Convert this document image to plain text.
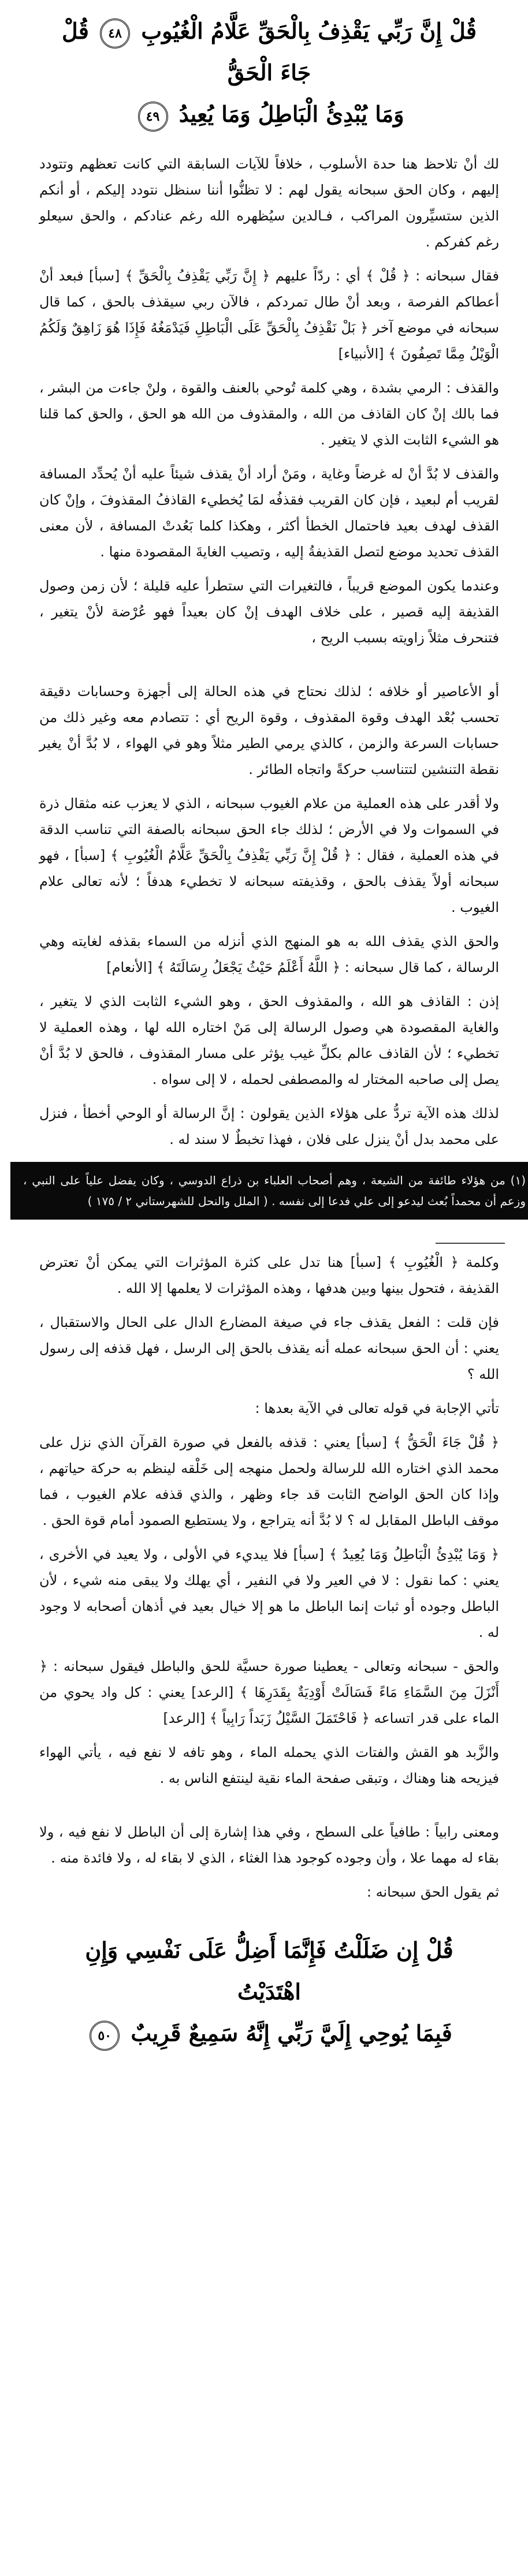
قُلْ إِنَّ رَبِّي يَقْذِفُ بِالْحَقِّ عَلَّامُ الْغُيُوبِ ٤٨ قُلْ جَاءَ الْحَقُّ
وَمَا يُبْدِئُ الْبَاطِلُ وَمَا يُعِيدُ ٤٩

لك أنْ تلاحظ هنا حدة الأسلوب ، خلافاً للآيات السابقة التي كانت تعظهم وتتودد إليهم ، وكان الحق سبحانه يقول لهم : لا تظنُّوا أننا سنظل نتودد إليكم ، أو أنكم الذين ستسيِّرون المراكب ، فـالدين سيُظهره الله رغم عنادكم ، والحق سيعلو رغم كفركم .

فقال سبحانه : ﴿ قُلْ ﴾ أي : ردّاً عليهم ﴿ إِنَّ رَبِّي يَقْذِفُ بِالْحَقِّ ﴾ [سبأ] فبعد أنْ أعطاكم الفرصة ، وبعد أنْ طال تمردكم ، فالآن ربي سيقذف بالحق ، كما قال سبحانه في موضع آخر ﴿ بَلْ نَقْذِفُ بِالْحَقِّ عَلَى الْبَاطِلِ فَيَدْمَغُهُ فَإِذَا هُوَ زَاهِقٌ وَلَكُمُ الْوَيْلُ مِمَّا تَصِفُونَ ﴾ [الأنبياء]

والقذف : الرمي بشدة ، وهي كلمة تُوحي بالعنف والقوة ، ولنْ جاءت من البشر ، فما بالك إنْ كان القاذف من الله ، والمقذوف من الله هو الحق ، والحق كما قلنا هو الشيء الثابت الذي لا يتغير .

والقذف لا بُدَّ أنْ له غرضاً وغاية ، ومَنْ أراد أنْ يقذف شيئاً عليه أنْ يُحدِّد المسافة لقريب أم لبعيد ، فإن كان القريب فقذفُه لمَا يُخطيء القاذفُ المقذوفَ ، وإنْ كان القذف لهدف بعيد فاحتمال الخطأ أكثر ، وهكذا كلما بَعُدتْ المسافة ، لأن معنى القذف تحديد موضع لتصل القذيفةُ إليه ، وتصيب الغايةَ المقصودة منها .

وعندما يكون الموضع قريباً ، فالتغيرات التي ستطرأ عليه قليلة ؛ لأن زمن وصول القذيفة إليه قصير ، على خلاف الهدف إنْ كان بعيداً فهو عُرْضة لأنْ يتغير ، فتنحرف مثلاً زاويته بسبب الريح ،

أو الأعاصير أو خلافه ؛ لذلك نحتاج في هذه الحالة إلى أجهزة وحسابات دقيقة تحسب بُعْد الهدف وقوة المقذوف ، وقوة الريح أي : تتصادم معه وغير ذلك من حسابات السرعة والزمن ، كالذي يرمي الطير مثلاً وهو في الهواء ، لا بُدَّ أنْ يغير نقطة التنشين لتتناسب حركةً واتجاه الطائر .

ولا أقدر على هذه العملية من علام الغيوب سبحانه ، الذي لا يعزب عنه مثقال ذرة في السموات ولا في الأرض ؛ لذلك جاء الحق سبحانه بالصفة التي تناسب الدقة في هذه العملية ، فقال : ﴿ قُلْ إِنَّ رَبِّي يَقْذِفُ بِالْحَقِّ عَلَّامُ الْغُيُوبِ ﴾ [سبأ] ، فهو سبحانه أولاً يقذف بالحق ، وقذيفته سبحانه لا تخطيء هدفاً ؛ لأنه تعالى علام الغيوب .

والحق الذي يقذف الله به هو المنهج الذي أنزله من السماء بقذفه لغايته وهي الرسالة ، كما قال سبحانه : ﴿ اللَّهُ أَعْلَمُ حَيْثُ يَجْعَلُ رِسَالَتَهُ ﴾ [الأنعام]

إذن : القاذف هو الله ، والمقذوف الحق ، وهو الشيء الثابت الذي لا يتغير ، والغاية المقصودة هي وصول الرسالة إلى مَنْ اختاره الله لها ، وهذه العملية لا تخطيء ؛ لأن القاذف عالم بكلِّ غيب يؤثر على مسار المقذوف ، فالحق لا بُدَّ أنْ يصل إلى صاحبه المختار له والمصطفى لحمله ، لا إلى سواه .

لذلك هذه الآية تردُّ على هؤلاء الذين يقولون : إنَّ الرسالة أو الوحي أخطأ ، فنزل على محمد بدل أنْ ينزل على فلان ، فهذا تخبطٌ لا سند له .

(١) من هؤلاء طائفة من الشيعة ، وهم أصحاب العلباء بن ذراع الدوسي ، وكان يفضل علياً على النبي ، وزعم أن محمداً بُعث ليدعو إلى علي فدعا إلى نفسه . ( الملل والنحل للشهرستاني ٢ / ١٧٥ )

وكلمة ﴿ الْغُيُوبِ ﴾ [سبأ] هنا تدل على كثرة المؤثرات التي يمكن أنْ تعترض القذيفة ، فتحول بينها وبين هدفها ، وهذه المؤثرات لا يعلمها إلا الله .

فإن قلت : الفعل يقذف جاء في صيغة المضارع الدال على الحال والاستقبال ، يعني : أن الحق سبحانه عمله أنه يقذف بالحق إلى الرسل ، فهل قذفه إلى رسول الله ؟

تأتي الإجابة في قوله تعالى في الآية بعدها :

﴿ قُلْ جَاءَ الْحَقُّ ﴾ [سبأ] يعني : قذفه بالفعل في صورة القرآن الذي نزل على محمد الذي اختاره الله للرسالة ولحمل منهجه إلى خَلْقه لينظم به حركة حياتهم ، وإذا كان الحق الواضح الثابت قد جاء وظهر ، والذي قذفه علام الغيوب ، فما موقف الباطل المقابل له ؟ لا بُدَّ أنه يتراجع ، ولا يستطيع الصمود أمام قوة الحق .

﴿ وَمَا يُبْدِئُ الْبَاطِلُ وَمَا يُعِيدُ ﴾ [سبأ] فلا يبديء في الأولى ، ولا يعيد في الأخرى ، يعني : كما نقول : لا في العير ولا في النفير ، أي يهلك ولا يبقى منه شيء ، لأن الباطل وجوده أو ثبات إنما الباطل ما هو إلا خيال بعيد في أذهان أصحابه لا وجود له .

والحق - سبحانه وتعالى - يعطينا صورة حسيَّة للحق والباطل فيقول سبحانه : ﴿ أَنْزَلَ مِنَ السَّمَاءِ مَاءً فَسَالَتْ أَوْدِيَةٌ بِقَدَرِهَا ﴾ [الرعد] يعني : كل واد يحوي من الماء على قدر اتساعه ﴿ فَاحْتَمَلَ السَّيْلُ زَبَداً رَابِياً ﴾ [الرعد]

والزَّبد هو القش والفتات الذي يحمله الماء ، وهو تافه لا نفع فيه ، يأتي الهواء فيزيحه هنا وهناك ، وتبقى صفحة الماء نقية لينتفع الناس به .

ومعنى رابياً : طافياً على السطح ، وفي هذا إشارة إلى أن الباطل لا نفع فيه ، ولا بقاء له مهما علا ، وأن وجوده كوجود هذا الغثاء ، الذي لا بقاء له ، ولا فائدة منه .

ثم يقول الحق سبحانه :

قُلْ إِن ضَلَلْتُ فَإِنَّمَا أَضِلُّ عَلَى نَفْسِي وَإِنِ اهْتَدَيْتُ
فَبِمَا يُوحِي إِلَيَّ رَبِّي إِنَّهُ سَمِيعٌ قَرِيبٌ ٥٠
